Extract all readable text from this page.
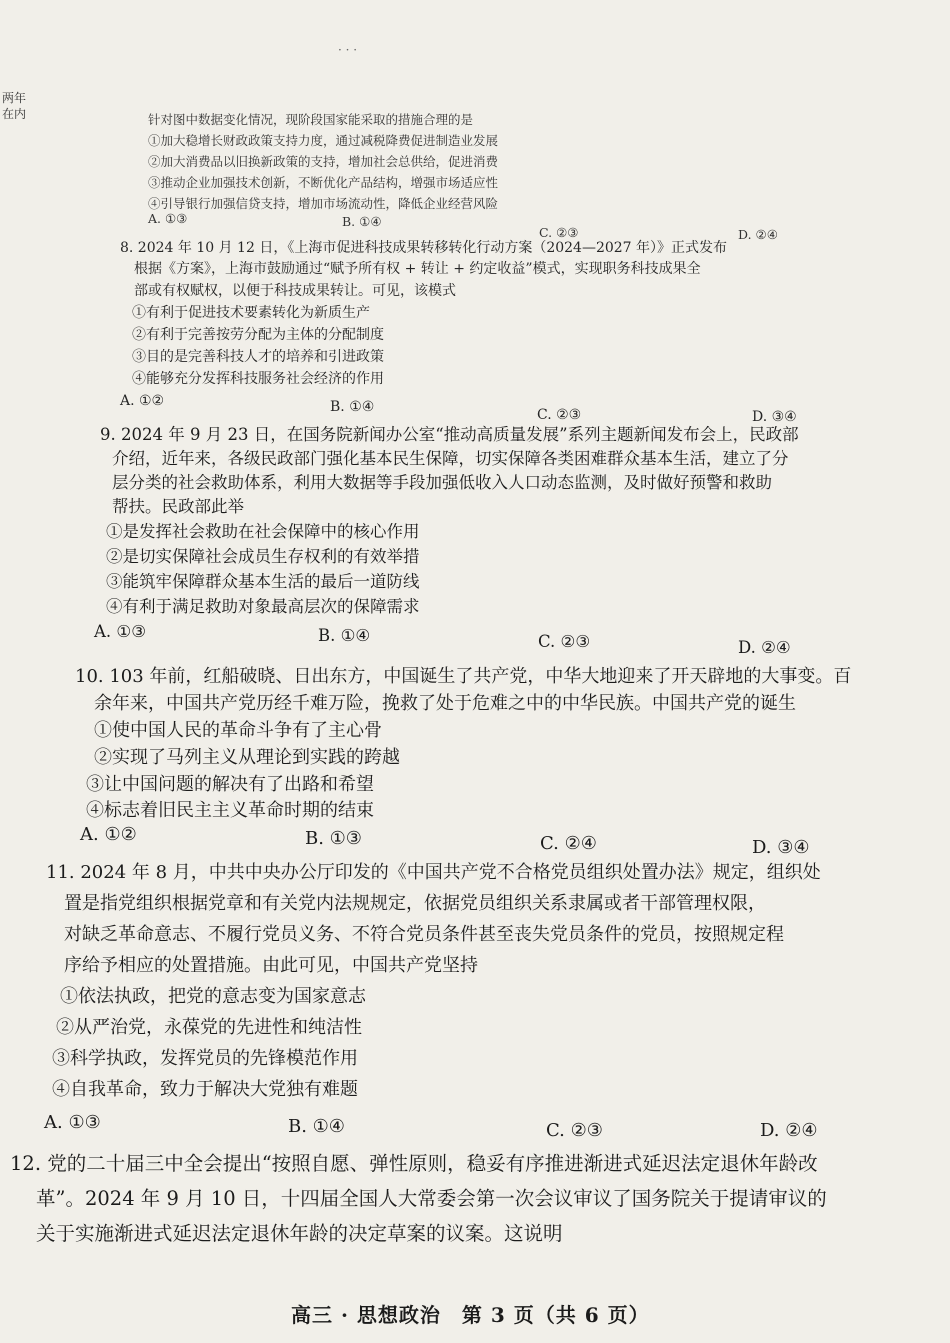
· · ·
两年
在内	针对图中数据变化情况，现阶段国家能采取的措施合理的是
①加大稳增长财政政策支持力度，通过减税降费促进制造业发展
②加大消费品以旧换新政策的支持，增加社会总供给，促进消费
③推动企业加强技术创新，不断优化产品结构，增强市场适应性
④引导银行加强信贷支持，增加市场流动性，降低企业经营风险
A. ①③	B. ①④
C. ②③	D. ②④
8. 2024 年 10 月 12 日，《上海市促进科技成果转移转化行动方案（2024—2027 年）》正式发布
根据《方案》，上海市鼓励通过“赋予所有权 + 转让 + 约定收益”模式，实现职务科技成果全
部或有权赋权，以便于科技成果转让。可见，该模式
①有利于促进技术要素转化为新质生产
②有利于完善按劳分配为主体的分配制度
③目的是完善科技人才的培养和引进政策
④能够充分发挥科技服务社会经济的作用
A. ①②	B. ①④	C. ②③	D. ③④
9. 2024 年 9 月 23 日，在国务院新闻办公室“推动高质量发展”系列主题新闻发布会上，民政部
介绍，近年来，各级民政部门强化基本民生保障，切实保障各类困难群众基本生活，建立了分
层分类的社会救助体系，利用大数据等手段加强低收入人口动态监测，及时做好预警和救助
帮扶。民政部此举
①是发挥社会救助在社会保障中的核心作用
②是切实保障社会成员生存权利的有效举措
③能筑牢保障群众基本生活的最后一道防线
④有利于满足救助对象最高层次的保障需求
A. ①③	B. ①④	C. ②③	D. ②④
10. 103 年前，红船破晓、日出东方，中国诞生了共产党，中华大地迎来了开天辟地的大事变。百
余年来，中国共产党历经千难万险，挽救了处于危难之中的中华民族。中国共产党的诞生
①使中国人民的革命斗争有了主心骨
②实现了马列主义从理论到实践的跨越
③让中国问题的解决有了出路和希望
④标志着旧民主主义革命时期的结束
A. ①②	B. ①③	C. ②④	D. ③④
11. 2024 年 8 月，中共中央办公厅印发的《中国共产党不合格党员组织处置办法》规定，组织处
置是指党组织根据党章和有关党内法规规定，依据党员组织关系隶属或者干部管理权限，
对缺乏革命意志、不履行党员义务、不符合党员条件甚至丧失党员条件的党员，按照规定程
序给予相应的处置措施。由此可见，中国共产党坚持
①依法执政，把党的意志变为国家意志
②从严治党，永葆党的先进性和纯洁性
③科学执政，发挥党员的先锋模范作用
④自我革命，致力于解决大党独有难题
A. ①③	B. ①④	C. ②③	D. ②④
12. 党的二十届三中全会提出“按照自愿、弹性原则，稳妥有序推进渐进式延迟法定退休年龄改
革”。2024 年 9 月 10 日，十四届全国人大常委会第一次会议审议了国务院关于提请审议的
关于实施渐进式延迟法定退休年龄的决定草案的议案。这说明
高三 · 思想政治　第 3 页（共 6 页）
